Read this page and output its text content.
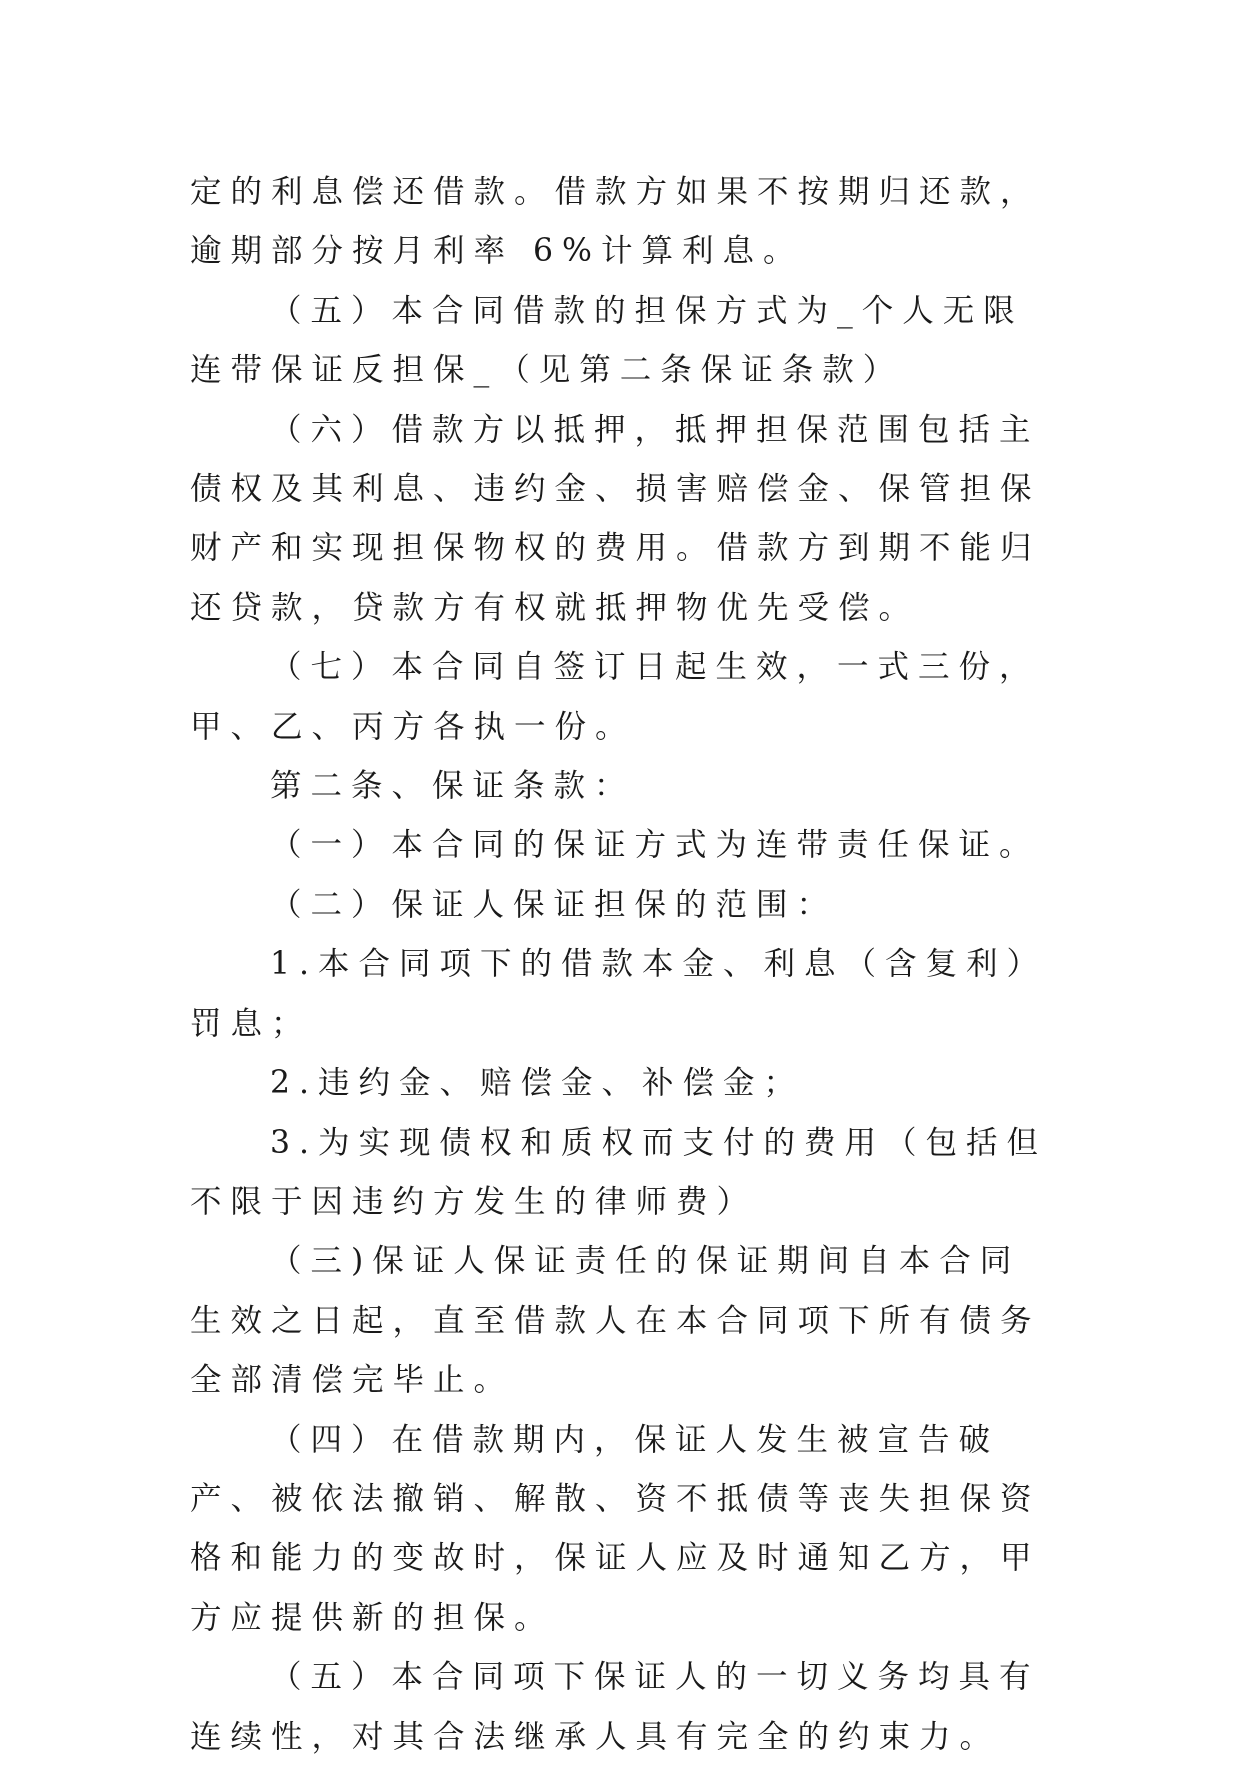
定的利息偿还借款。借款方如果不按期归还款，逾期部分按月利率 6%计算利息。

（五）本合同借款的担保方式为_个人无限连带保证反担保_（见第二条保证条款）

（六）借款方以抵押，抵押担保范围包括主债权及其利息、违约金、损害赔偿金、保管担保财产和实现担保物权的费用。借款方到期不能归还贷款，贷款方有权就抵押物优先受偿。

（七）本合同自签订日起生效，一式三份，甲、乙、丙方各执一份。

第二条、保证条款：

（一）本合同的保证方式为连带责任保证。

（二）保证人保证担保的范围：

1.本合同项下的借款本金、利息（含复利）罚息；

2.违约金、赔偿金、补偿金；

3.为实现债权和质权而支付的费用（包括但不限于因违约方发生的律师费）

（三)保证人保证责任的保证期间自本合同生效之日起，直至借款人在本合同项下所有债务全部清偿完毕止。

（四）在借款期内，保证人发生被宣告破产、被依法撤销、解散、资不抵债等丧失担保资格和能力的变故时，保证人应及时通知乙方，甲方应提供新的担保。

（五）本合同项下保证人的一切义务均具有连续性，对其合法继承人具有完全的约束力。
